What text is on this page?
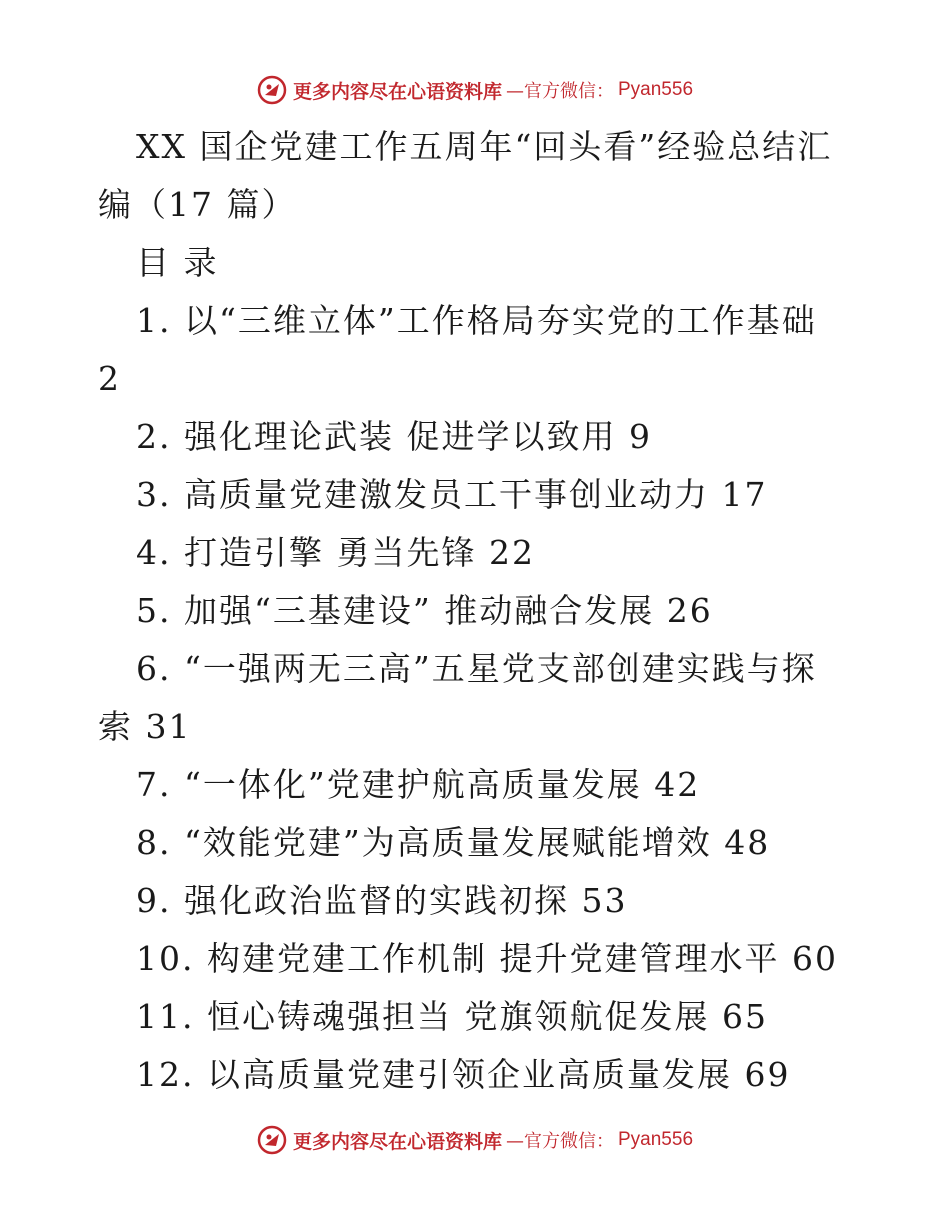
更多内容尽在心语资料库 —官方微信： Pyan556
XX 国企党建工作五周年“回头看”经验总结汇
编（17 篇）
目 录
1. 以“三维立体”工作格局夯实党的工作基础
2
2. 强化理论武装 促进学以致用 9
3. 高质量党建激发员工干事创业动力 17
4. 打造引擎 勇当先锋 22
5. 加强“三基建设” 推动融合发展 26
6. “一强两无三高”五星党支部创建实践与探
索 31
7. “一体化”党建护航高质量发展 42
8. “效能党建”为高质量发展赋能增效 48
9. 强化政治监督的实践初探 53
10. 构建党建工作机制 提升党建管理水平 60
11. 恒心铸魂强担当 党旗领航促发展 65
12. 以高质量党建引领企业高质量发展 69
更多内容尽在心语资料库 —官方微信： Pyan556
